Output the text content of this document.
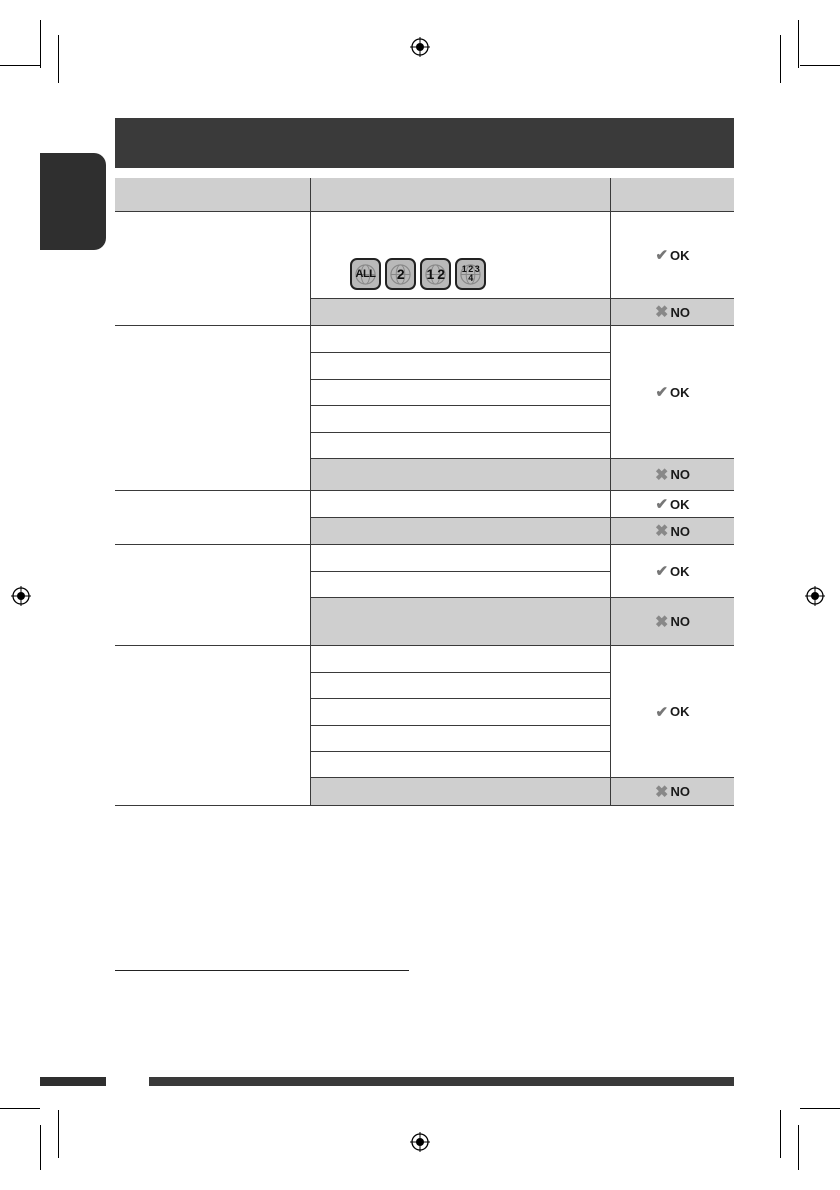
ALL 2 1 2 1 2 3 4
✔ OK
✖ NO
✔ OK
✖ NO
✔ OK
✖ NO
✔ OK
✖ NO
✔ OK
✖ NO
